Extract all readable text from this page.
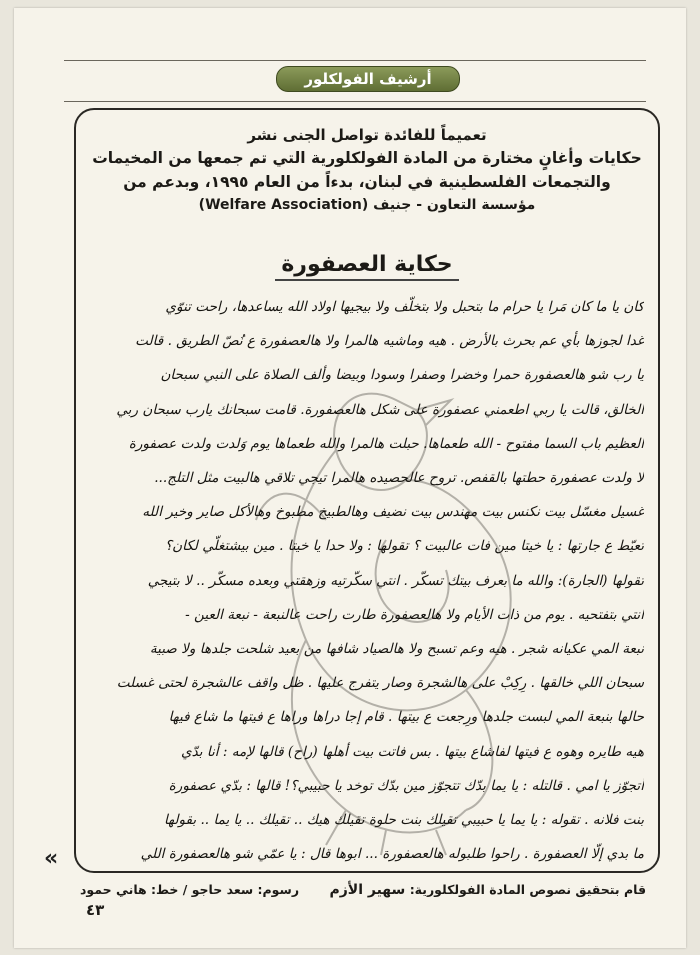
أرشيف الفولكلور
تعميماً للفائدة تواصل الجنى نشر
حكايات وأغانٍ مختارة من المادة الفولكلورية التي تم جمعها من المخيمات
والتجمعات الفلسطينية في لبنان، بدءاً من العام ١٩٩٥، وبدعم من
مؤسسة التعاون - جنيف (Welfare Association)
حكاية العصفورة

كان يا ما كان مَرا يا حرام ما بتحبل ولا بتخلّف ولا بيجيها اولاد الله يساعدها، راحت تنوّي

غدا لجوزها بأي عم بحرث بالأرض . هيه وماشيه هالمرا ولا هالعصفورة ع نُصّ الطريق . قالت

يا رب شو هالعصفورة حمرا وخضرا وصفرا وسودا وبيضا وألف الصلاة على النبي سبحان

الخالق، قالت يا ربي اطعمني عصفورة على شكل هالعصفورة. قامت سبحانك يارب سبحان ربي

العظيم باب السما مفتوح - الله طعماها. حبلت هالمرا والله طعماها يوم وَلدت ولدت عصفورة

لا ولدت عصفورة حطتها بالقفص. تروح عالحصيده هالمرا تيجي تلاقي هالبيت مثل التلج...

غسيل مغسّل بيت نكنس بيت مهندس بيت نضيف وهالطبيخ مطبوخ وهالأكل صاير وخير الله

تعيّط ع جارتها : يا خيتا مين فات عالبيت ؟ تقولها : ولا حدا يا خيتا . مين بيشتغلّي لكان؟

تقولها (الجارة): والله ما بعرف بيتك تسكّر . انتي سكّرتيه وزهقتي وبعده مسكّر .. لا بتيجي

انتي بتفتحيه . يوم من ذات الأيام ولا هالعصفورة طارت راحت عالنبعة - نبعة العين -

نبعة المي عكيانه شجر . هيه وعم تسبح ولا هالصياد شافها من بعيد شلحت جلدها ولا صبية

سبحان اللي خالقها . رِكِبْ على هالشجرة وصار يتفرج عليها . ظل واقف عالشجرة لحتى غسلت

حالها بنبعة المي لبست جلدها ورِجعت ع بيتها . قام إجا دراها وراها ع فيتها ما شاع فيها

هيه طايره وهوه ع فيتها لفاشاع بيتها . بس فاتت بيت أهلها (راح) قالها لإمه : أنا بدّي

أتجوّز يا امي . قالتله : يا يما بدّك تتجوّز مين بدّك توخد يا حبيبي؟! قالها : بدّي عصفورة

بنت فلانه . تقوله : يا يما يا حبيبي تقيلك بنت حلوة تقيلك هيك .. تقيلك .. يا يما .. بقولها

ما بدي إلّا العصفورة . راحوا طلبوله هالعصفورة ... ابوها قال : يا عمّي شو هالعصفورة اللي

«
قام بتحقيق نصوص المادة الفولكلورية: سهير الأزم
رسوم: سعد حاجو / خط: هاني حمود
٤٣
